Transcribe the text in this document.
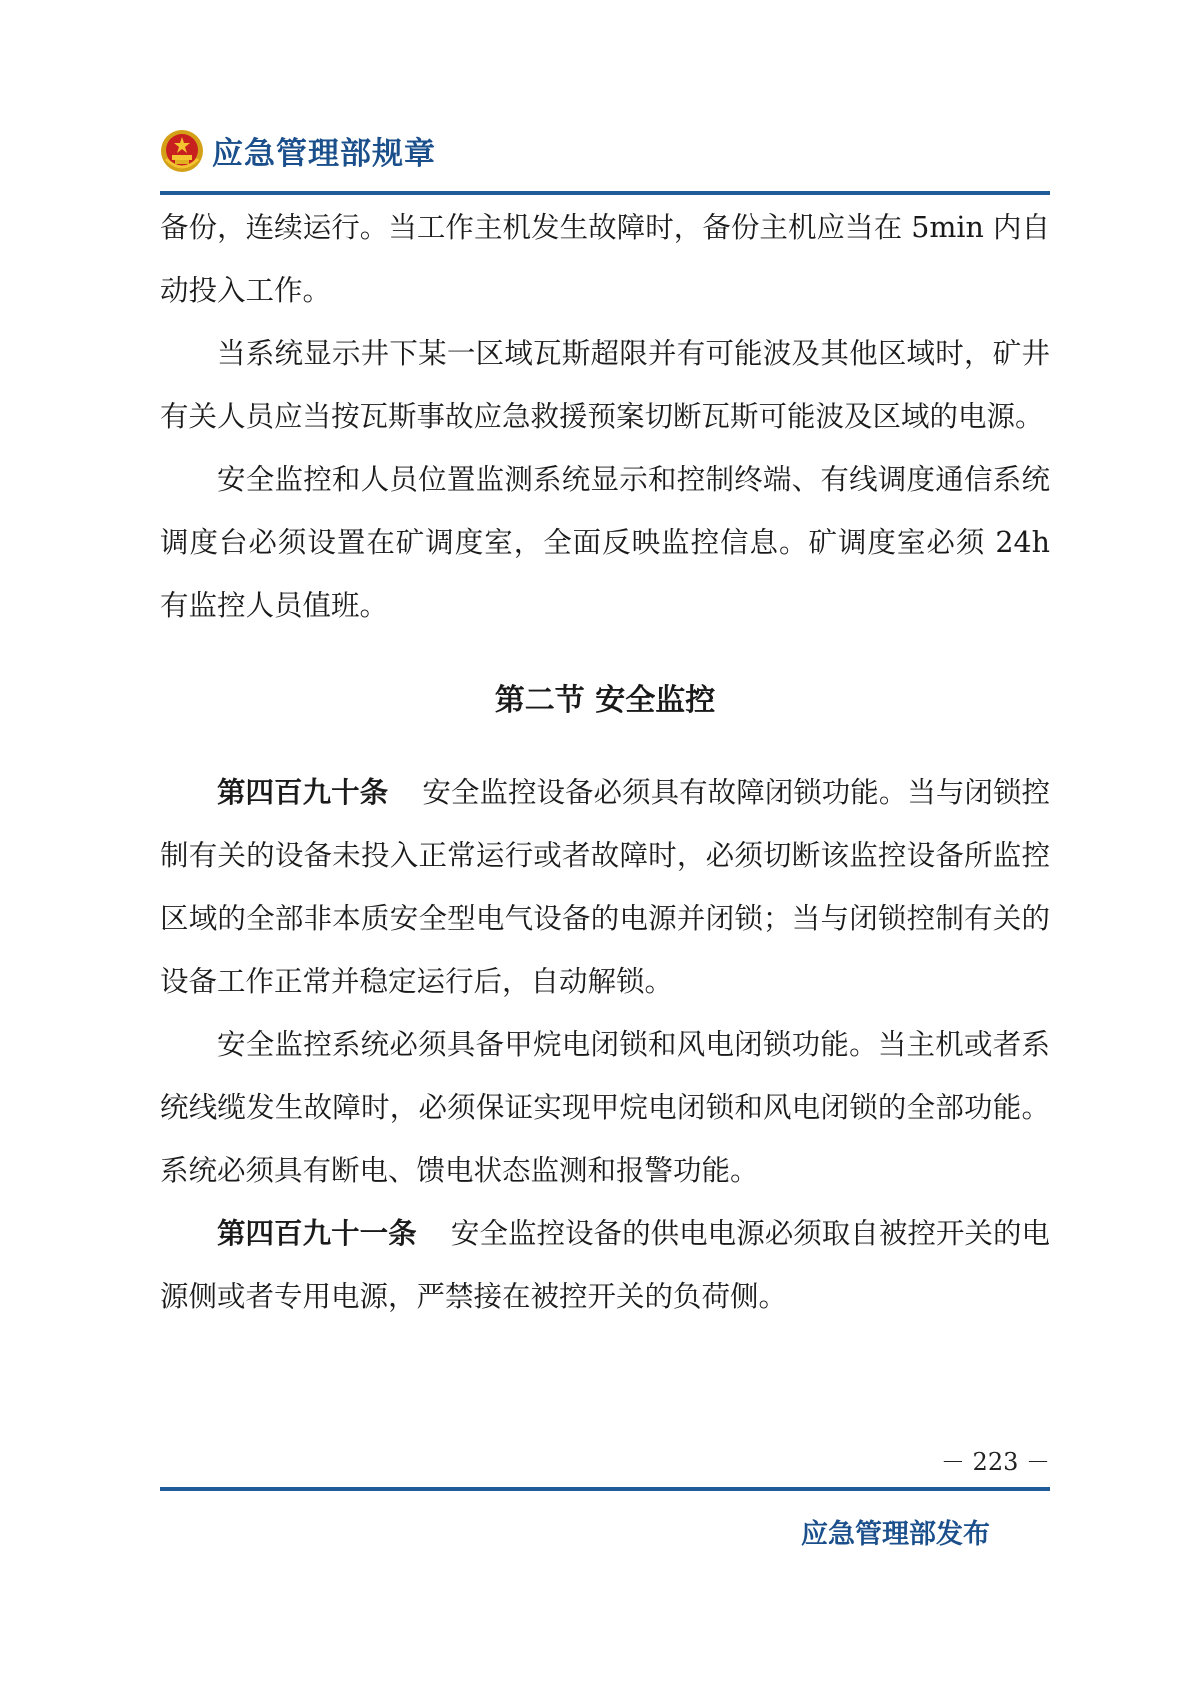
应急管理部规章

备份，连续运行。当工作主机发生故障时，备份主机应当在 5min 内自动投入工作。

当系统显示井下某一区域瓦斯超限并有可能波及其他区域时，矿井有关人员应当按瓦斯事故应急救援预案切断瓦斯可能波及区域的电源。

安全监控和人员位置监测系统显示和控制终端、有线调度通信系统调度台必须设置在矿调度室，全面反映监控信息。矿调度室必须 24h 有监控人员值班。

第二节 安全监控

第四百九十条 安全监控设备必须具有故障闭锁功能。当与闭锁控制有关的设备未投入正常运行或者故障时，必须切断该监控设备所监控区域的全部非本质安全型电气设备的电源并闭锁；当与闭锁控制有关的设备工作正常并稳定运行后，自动解锁。

安全监控系统必须具备甲烷电闭锁和风电闭锁功能。当主机或者系统线缆发生故障时，必须保证实现甲烷电闭锁和风电闭锁的全部功能。系统必须具有断电、馈电状态监测和报警功能。

第四百九十一条 安全监控设备的供电电源必须取自被控开关的电源侧或者专用电源，严禁接在被控开关的负荷侧。

－ 223 －
应急管理部发布
